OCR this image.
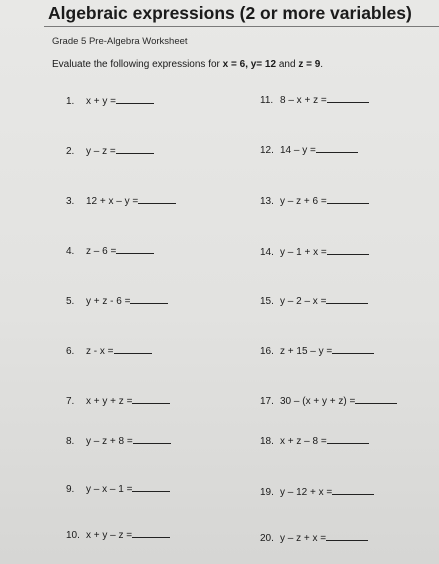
Algebraic expressions (2 or more variables)
Grade 5 Pre-Algebra Worksheet
Evaluate the following expressions for x = 6, y= 12 and z = 9.
1. x + y =
2. y – z =
3. 12 + x – y =
4. z – 6 =
5. y + z - 6 =
6. z - x =
7. x + y + z =
8. y – z + 8 =
9. y – x – 1 =
10. x + y – z =
11. 8 – x + z =
12. 14 – y =
13. y – z + 6 =
14. y – 1 + x =
15. y – 2 – x =
16. z + 15 – y =
17. 30 – (x + y + z) =
18. x + z – 8 =
19. y – 12 + x =
20. y – z + x =
